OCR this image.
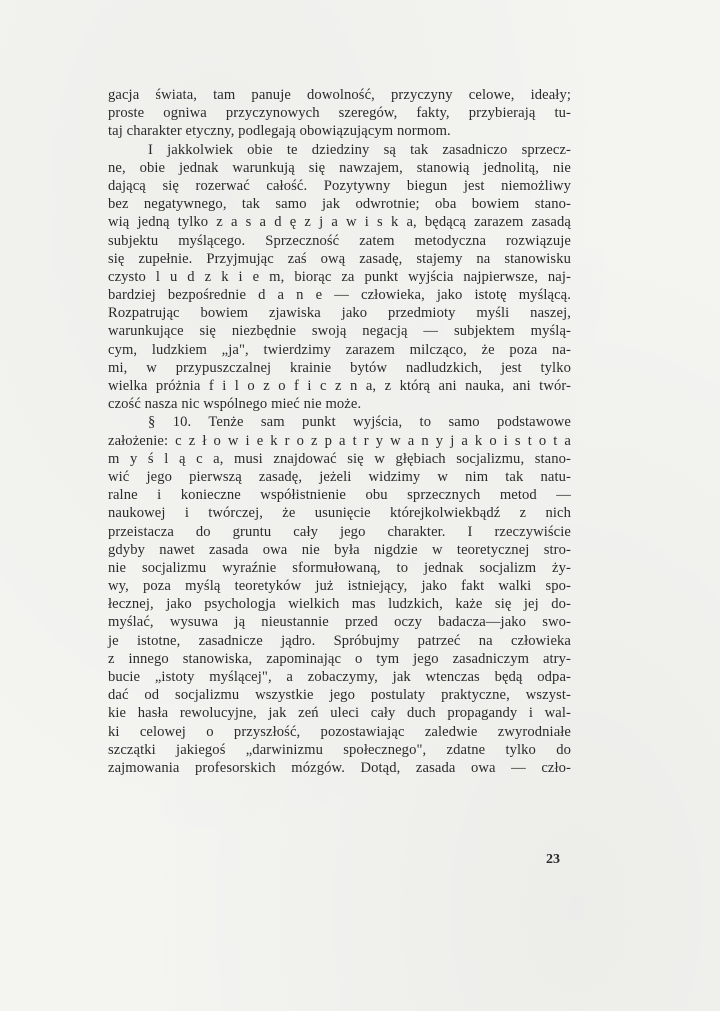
gacja świata, tam panuje dowolność, przyczyny celowe, ideały;
proste ogniwa przyczynowych szeregów, fakty, przybierają tu-
taj charakter etyczny, podlegają obowiązującym normom.
I jakkolwiek obie te dziedziny są tak zasadniczo sprzecz-
ne, obie jednak warunkują się nawzajem, stanowią jednolitą, nie
dającą się rozerwać całość. Pozytywny biegun jest niemożliwy
bez negatywnego, tak samo jak odwrotnie; oba bowiem stano-
wią jedną tylko z a s a d ę z j a w i s k a, będącą zarazem zasadą
subjektu myślącego. Sprzeczność zatem metodyczna rozwiązuje
się zupełnie. Przyjmując zaś ową zasadę, stajemy na stanowisku
czysto l u d z k i e m, biorąc za punkt wyjścia najpierwsze, naj-
bardziej bezpośrednie d a n e — człowieka, jako istotę myślącą.
Rozpatrując bowiem zjawiska jako przedmioty myśli naszej,
warunkujące się niezbędnie swoją negacją — subjektem myślą-
cym, ludzkiem „ja", twierdzimy zarazem milcząco, że poza na-
mi, w przypuszczalnej krainie bytów nadludzkich, jest tylko
wielka próżnia f i l o z o f i c z n a, z którą ani nauka, ani twór-
czość nasza nic wspólnego mieć nie może.
§ 10. Tenże sam punkt wyjścia, to samo podstawowe
założenie: c z ł o w i e k r o z p a t r y w a n y j a k o i s t o t a
m y ś l ą c a, musi znajdować się w głębiach socjalizmu, stano-
wić jego pierwszą zasadę, jeżeli widzimy w nim tak natu-
ralne i konieczne współistnienie obu sprzecznych metod —
naukowej i twórczej, że usunięcie którejkolwiekbądź z nich
przeistacza do gruntu cały jego charakter. I rzeczywiście
gdyby nawet zasada owa nie była nigdzie w teoretycznej stro-
nie socjalizmu wyraźnie sformułowaną, to jednak socjalizm ży-
wy, poza myślą teoretyków już istniejący, jako fakt walki spo-
łecznej, jako psychologja wielkich mas ludzkich, każe się jej do-
myślać, wysuwa ją nieustannie przed oczy badacza—jako swo-
je istotne, zasadnicze jądro. Spróbujmy patrzeć na człowieka
z innego stanowiska, zapominając o tym jego zasadniczym atry-
bucie „istoty myślącej", a zobaczymy, jak wtenczas będą odpa-
dać od socjalizmu wszystkie jego postulaty praktyczne, wszyst-
kie hasła rewolucyjne, jak zeń uleci cały duch propagandy i wal-
ki celowej o przyszłość, pozostawiając zaledwie zwyrodniałe
szczątki jakiegoś „darwinizmu społecznego", zdatne tylko do
zajmowania profesorskich mózgów. Dotąd, zasada owa — czło-
23
